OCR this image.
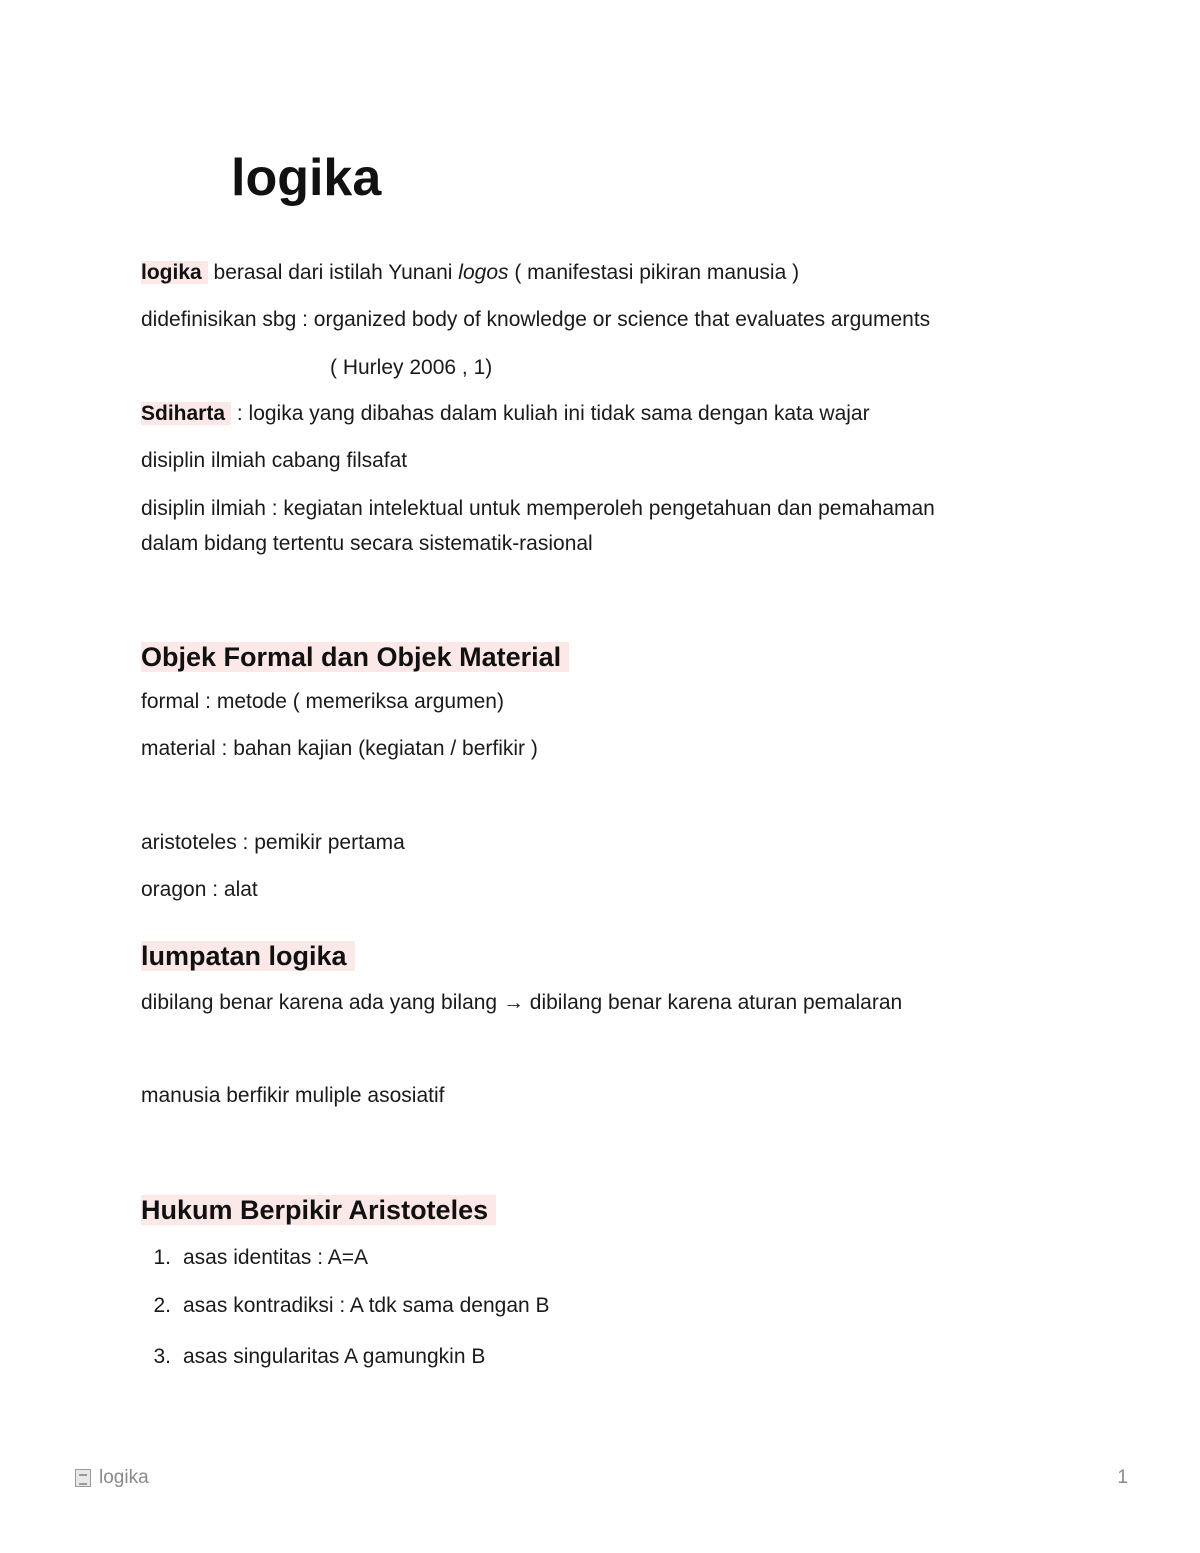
logika

logika berasal dari istilah Yunani logos ( manifestasi pikiran manusia )

didefinisikan sbg : organized body of knowledge or science that evaluates arguments

( Hurley 2006 , 1)

Sdiharta : logika yang dibahas dalam kuliah ini tidak sama dengan kata wajar

disiplin ilmiah cabang filsafat

disiplin ilmiah : kegiatan intelektual untuk memperoleh pengetahuan dan pemahaman

dalam bidang tertentu secara sistematik-rasional

Objek Formal dan Objek Material

formal : metode ( memeriksa argumen)

material : bahan kajian (kegiatan / berfikir )

aristoteles : pemikir pertama

oragon : alat

lumpatan logika

dibilang benar karena ada yang bilang → dibilang benar karena aturan pemalaran

manusia berfikir muliple asosiatif

Hukum Berpikir Aristoteles

1. asas identitas : A=A

2. asas kontradiksi : A tdk sama dengan B

3. asas singularitas A gamungkin B

logika	1
